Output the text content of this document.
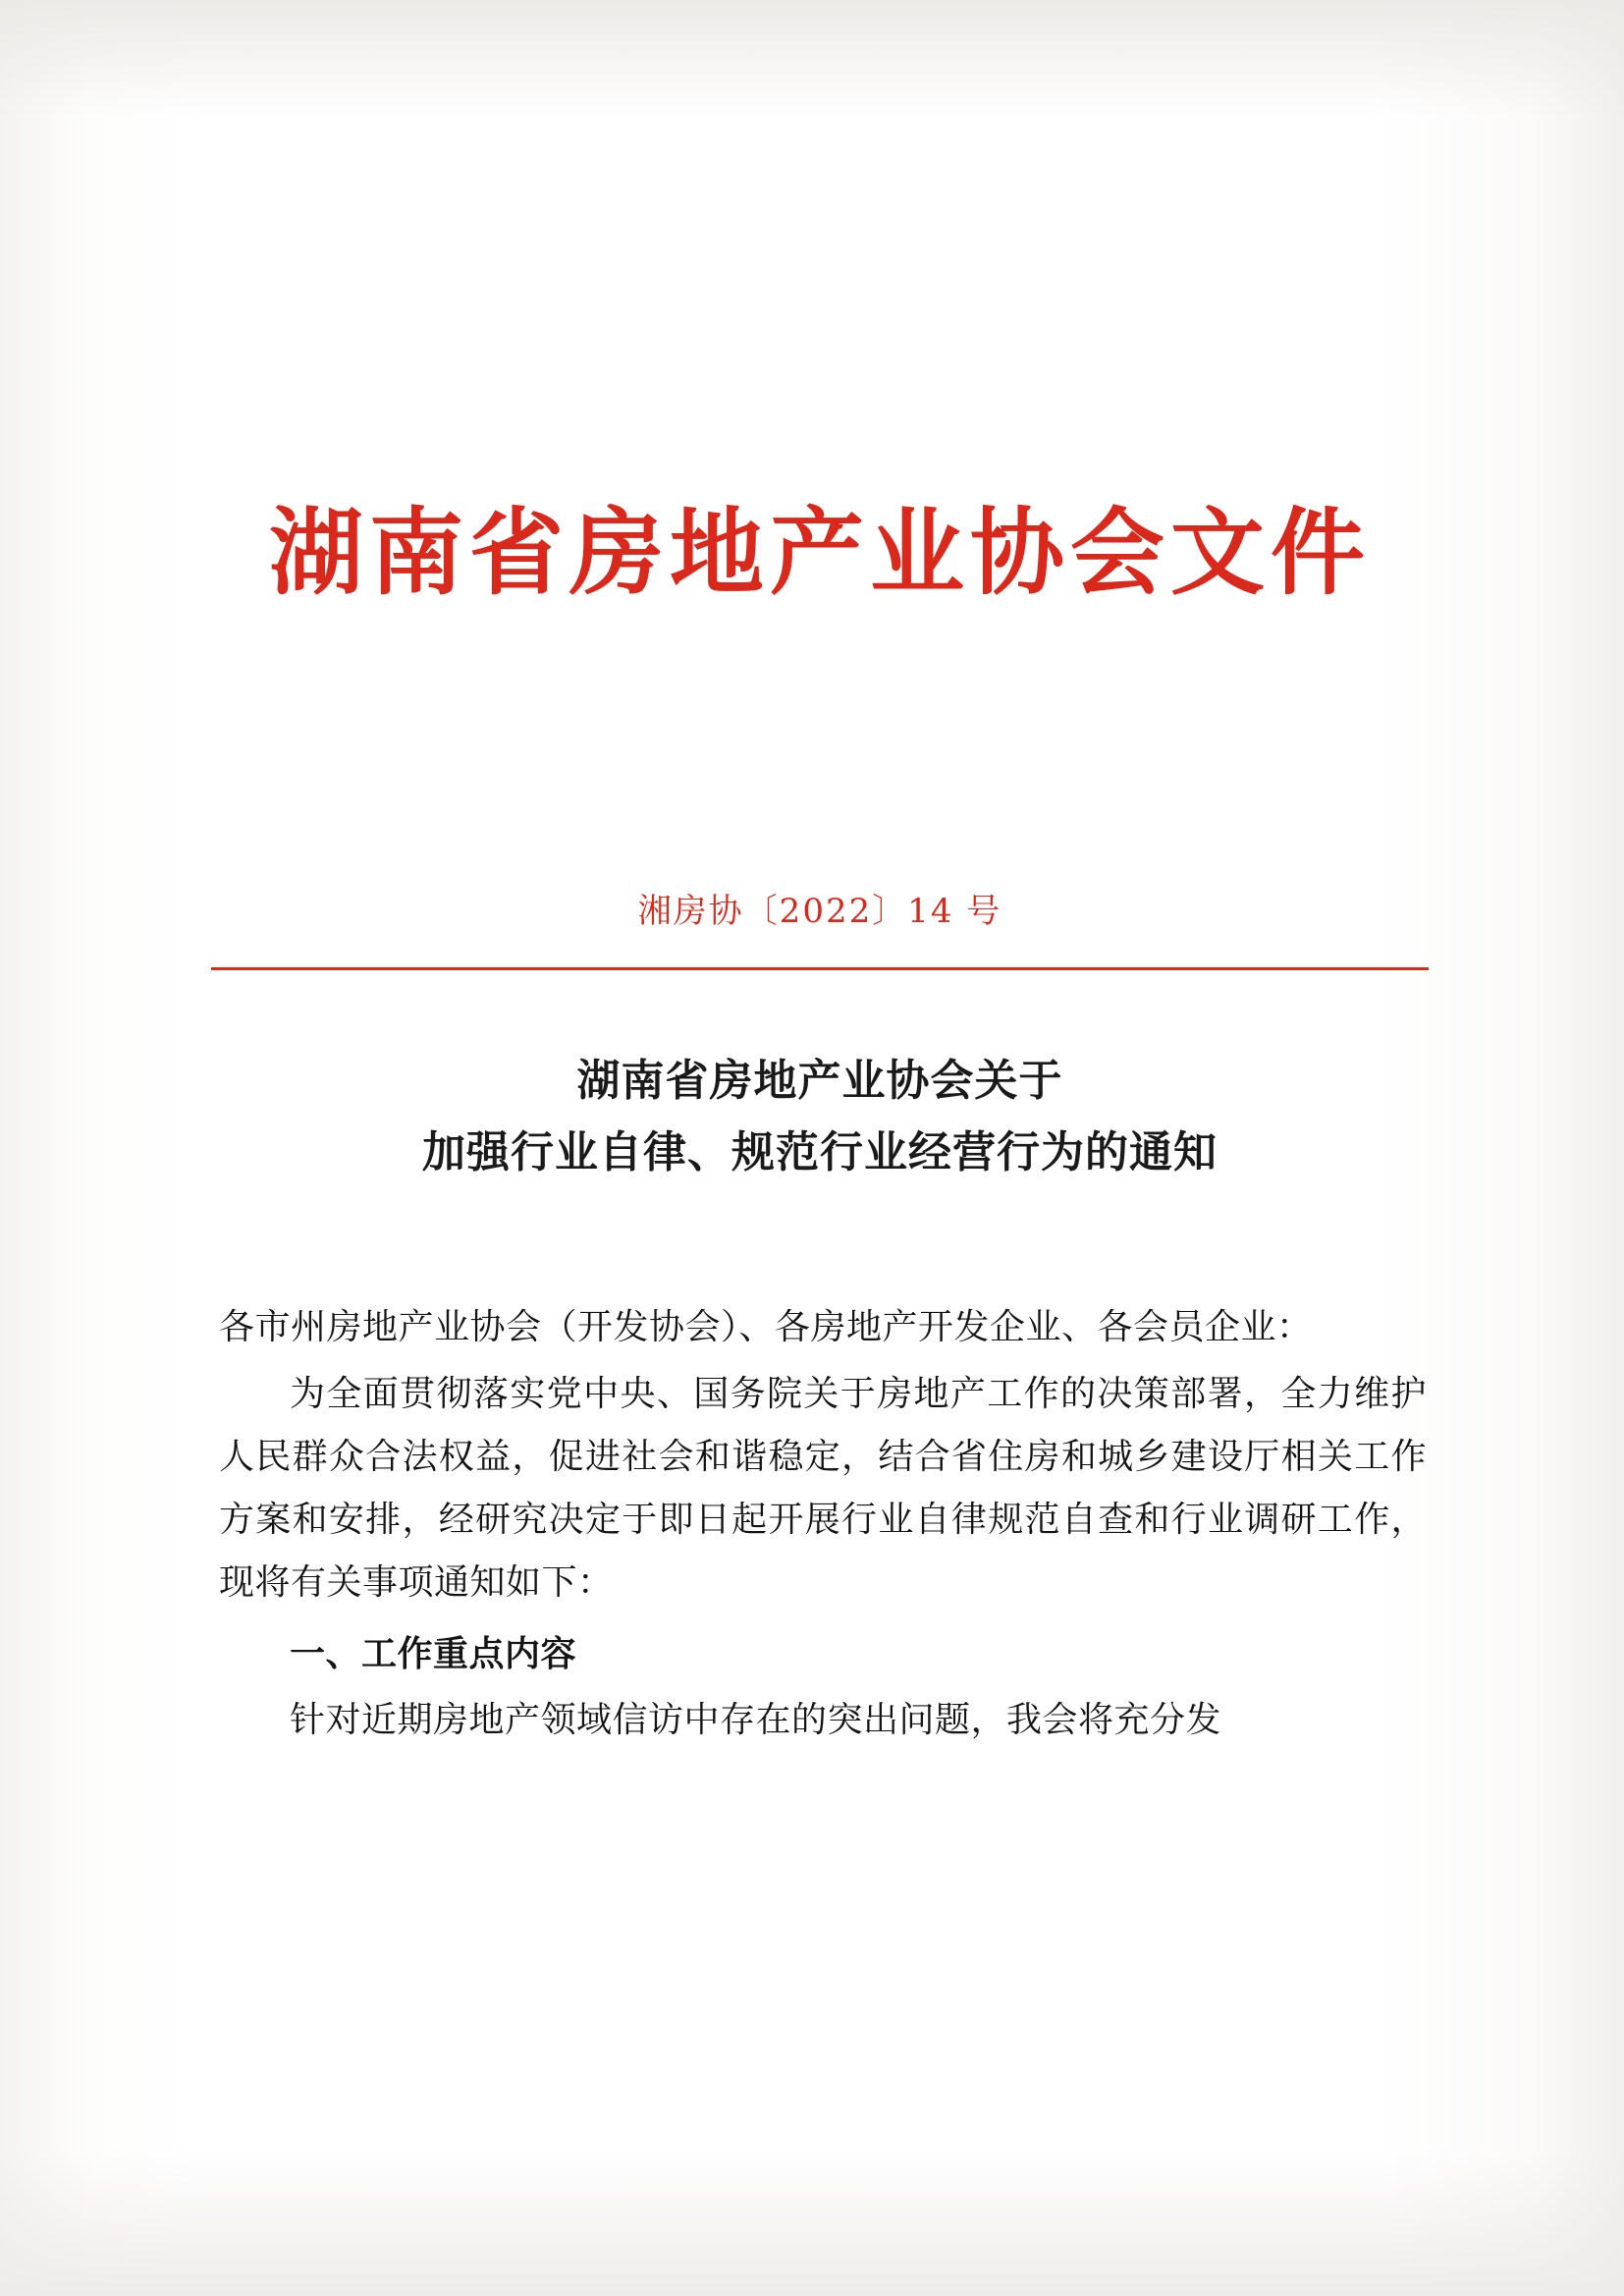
湖南省房地产业协会文件
湘房协〔2022〕14 号
湖南省房地产业协会关于
加强行业自律、规范行业经营行为的通知

各市州房地产业协会（开发协会）、各房地产开发企业、各会员企业：

为全面贯彻落实党中央、国务院关于房地产工作的决策部署，全力维护人民群众合法权益，促进社会和谐稳定，结合省住房和城乡建设厅相关工作方案和安排，经研究决定于即日起开展行业自律规范自查和行业调研工作，现将有关事项通知如下：

一、工作重点内容

针对近期房地产领域信访中存在的突出问题，我会将充分发
